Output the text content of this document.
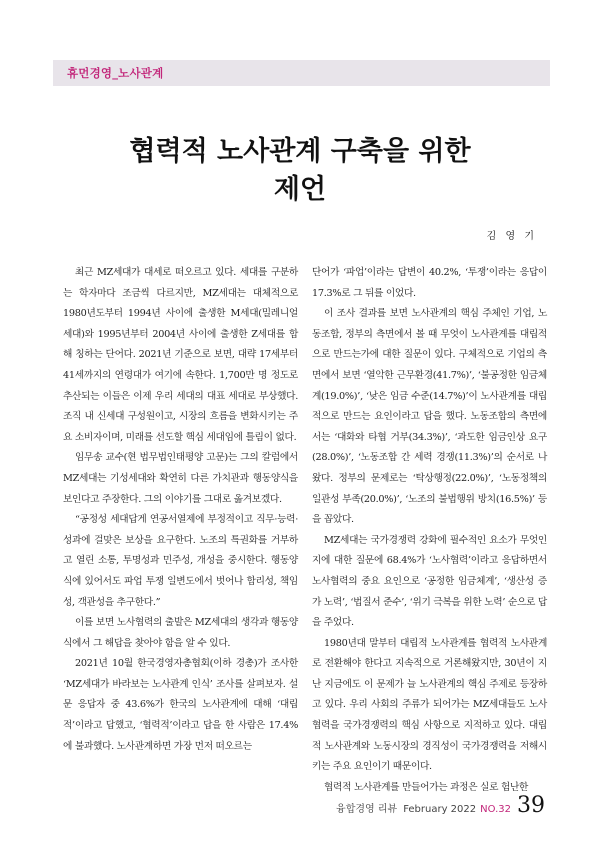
휴먼경영_노사관계
협력적 노사관계 구축을 위한
제언
김 영 기

최근 MZ세대가 대세로 떠오르고 있다. 세대를 구분하는 학자마다 조금씩 다르지만, MZ세대는 대체적으로 1980년도부터 1994년 사이에 출생한 M세대(밀레니얼 세대)와 1995년부터 2004년 사이에 출생한 Z세대를 합해 칭하는 단어다. 2021년 기준으로 보면, 대략 17세부터 41세까지의 연령대가 여기에 속한다. 1,700만 명 정도로 추산되는 이들은 이제 우리 세대의 대표 세대로 부상했다. 조직 내 신세대 구성원이고, 시장의 흐름을 변화시키는 주요 소비자이며, 미래를 선도할 핵심 세대임에 틀림이 없다.

임무송 교수(현 법무법인태평양 고문)는 그의 칼럼에서 MZ세대는 기성세대와 확연히 다른 가치관과 행동양식을 보인다고 주장한다. 그의 이야기를 그대로 옮겨보겠다.

“공정성 세대답게 연공서열제에 부정적이고 직무·능력·성과에 걸맞은 보상을 요구한다. 노조의 특권화를 거부하고 열린 소통, 투명성과 민주성, 개성을 중시한다. 행동양식에 있어서도 파업 투쟁 일변도에서 벗어나 합리성, 책임성, 객관성을 추구한다.”

이를 보면 노사협력의 출발은 MZ세대의 생각과 행동양식에서 그 해답을 찾아야 함을 알 수 있다.

2021년 10월 한국경영자총협회(이하 경총)가 조사한 ‘MZ세대가 바라보는 노사관계 인식’ 조사를 살펴보자. 설문 응답자 중 43.6%가 한국의 노사관계에 대해 ‘대립적’이라고 답했고, ‘협력적’이라고 답을 한 사람은 17.4%에 불과했다. 노사관계하면 가장 먼저 떠오르는

단어가 ‘파업’이라는 답변이 40.2%, ‘투쟁’이라는 응답이 17.3%로 그 뒤를 이었다.

이 조사 결과를 보면 노사관계의 핵심 주체인 기업, 노동조합, 정부의 측면에서 볼 때 무엇이 노사관계를 대립적으로 만드는가에 대한 질문이 있다. 구체적으로 기업의 측면에서 보면 ‘열악한 근무환경(41.7%)’, ‘불공정한 임금체계(19.0%)’, ‘낮은 임금 수준(14.7%)’이 노사관계를 대립적으로 만드는 요인이라고 답을 했다. 노동조합의 측면에서는 ‘대화와 타협 거부(34.3%)’, ‘과도한 임금인상 요구(28.0%)’, ‘노동조합 간 세력 경쟁(11.3%)’의 순서로 나왔다. 정부의 문제로는 ‘탁상행정(22.0%)’, ‘노동정책의 일관성 부족(20.0%)’, ‘노조의 불법행위 방치(16.5%)’ 등을 꼽았다.

MZ세대는 국가경쟁력 강화에 필수적인 요소가 무엇인지에 대한 질문에 68.4%가 ‘노사협력’이라고 응답하면서 노사협력의 중요 요인으로 ‘공정한 임금체계’, ‘생산성 증가 노력’, ‘법질서 준수’, ‘위기 극복을 위한 노력’ 순으로 답을 주었다.

1980년대 말부터 대립적 노사관계를 협력적 노사관계로 전환해야 한다고 지속적으로 거론해왔지만, 30년이 지난 지금에도 이 문제가 늘 노사관계의 핵심 주제로 등장하고 있다. 우리 사회의 주류가 되어가는 MZ세대들도 노사협력을 국가경쟁력의 핵심 사항으로 지적하고 있다. 대립적 노사관계와 노동시장의 경직성이 국가경쟁력을 저해시키는 주요 요인이기 때문이다.

협력적 노사관계를 만들어가는 과정은 실로 험난한

융합경영 리뷰 February 2022 NO.32 39
